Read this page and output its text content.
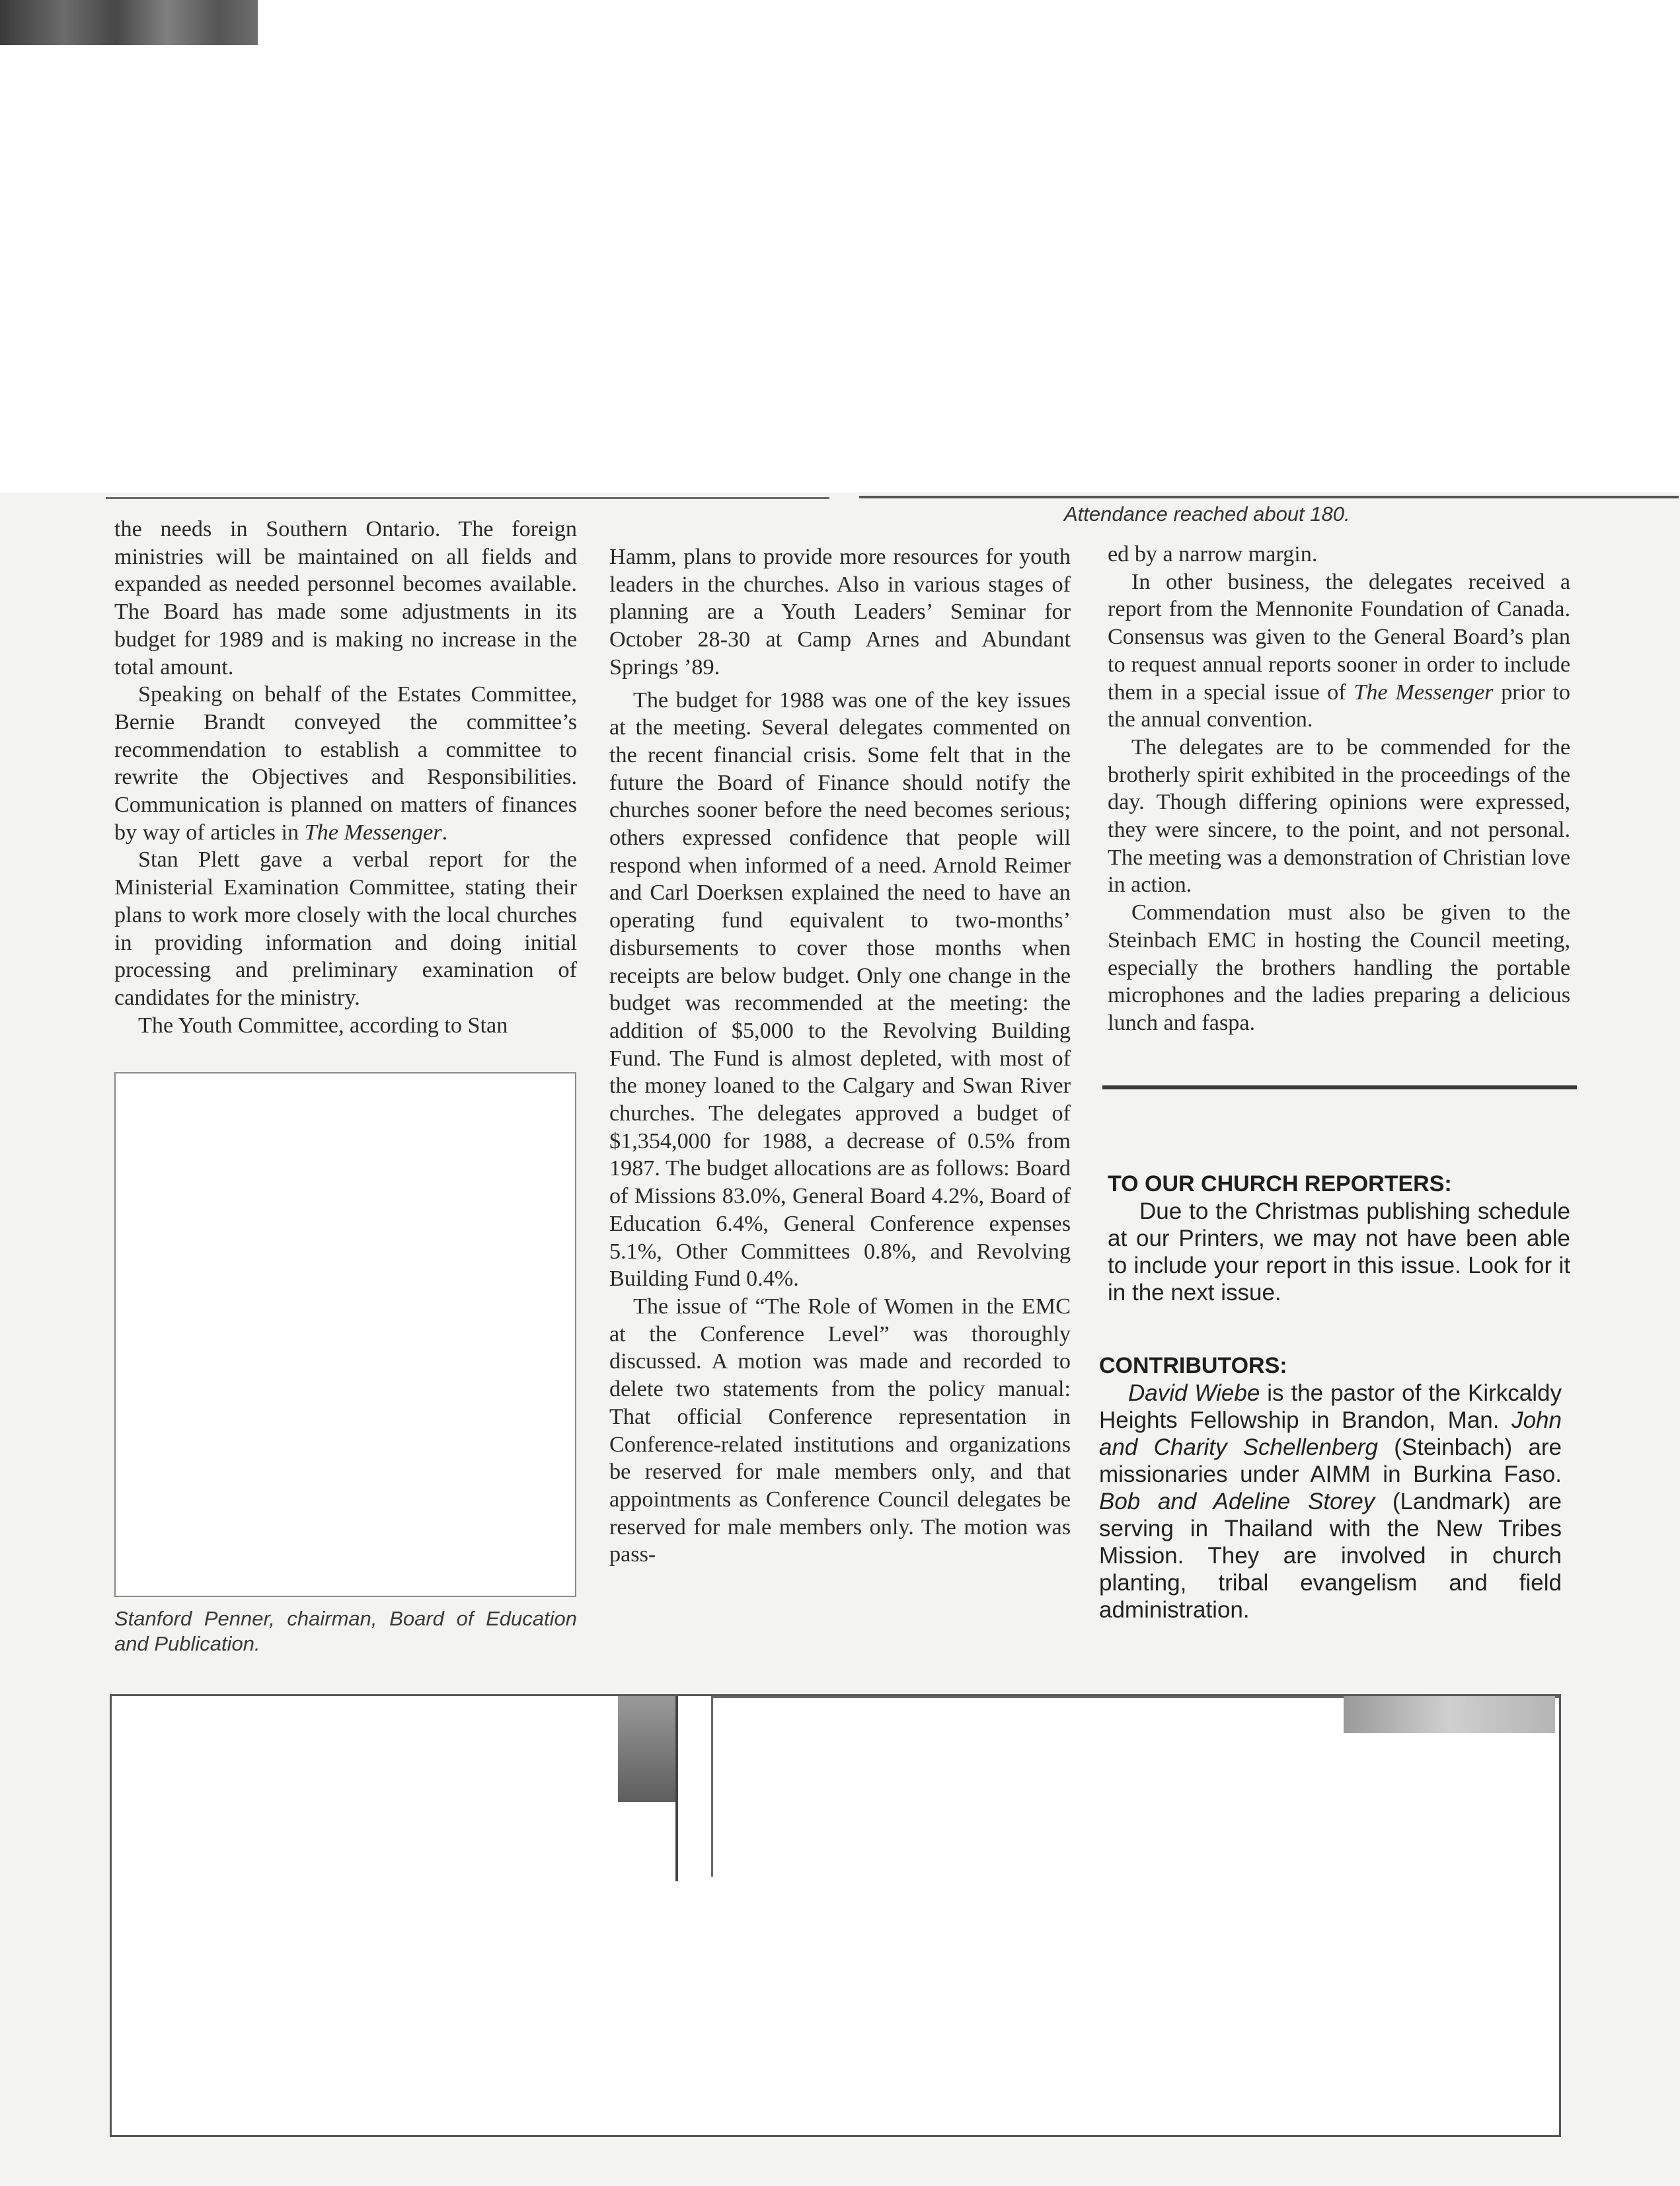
Attendance reached about 180.

the needs in Southern Ontario. The foreign ministries will be maintained on all fields and expanded as needed personnel becomes available. The Board has made some adjustments in its budget for 1989 and is making no increase in the total amount.

Speaking on behalf of the Estates Committee, Bernie Brandt conveyed the committee’s recommendation to establish a committee to rewrite the Objectives and Responsibilities. Communication is planned on matters of finances by way of articles in The Messenger.

Stan Plett gave a verbal report for the Ministerial Examination Committee, stating their plans to work more closely with the local churches in providing information and doing initial processing and preliminary examination of candidates for the ministry.

The Youth Committee, according to Stan

Stanford Penner, chairman, Board of Education and Publication.

Hamm, plans to provide more resources for youth leaders in the churches. Also in various stages of planning are a Youth Leaders’ Seminar for October 28-30 at Camp Arnes and Abundant Springs ’89.

The budget for 1988 was one of the key issues at the meeting. Several delegates commented on the recent financial crisis. Some felt that in the future the Board of Finance should notify the churches sooner before the need becomes serious; others expressed confidence that people will respond when informed of a need. Arnold Reimer and Carl Doerksen explained the need to have an operating fund equivalent to two-months’ disbursements to cover those months when receipts are below budget. Only one change in the budget was recommended at the meeting: the addition of $5,000 to the Revolving Building Fund. The Fund is almost depleted, with most of the money loaned to the Calgary and Swan River churches. The delegates approved a budget of $1,354,000 for 1988, a decrease of 0.5% from 1987. The budget allocations are as follows: Board of Missions 83.0%, General Board 4.2%, Board of Education 6.4%, General Conference expenses 5.1%, Other Committees 0.8%, and Revolving Building Fund 0.4%.

The issue of “The Role of Women in the EMC at the Conference Level” was thoroughly discussed. A motion was made and recorded to delete two statements from the policy manual: That official Conference representation in Conference-related institutions and organizations be reserved for male members only, and that appointments as Conference Council delegates be reserved for male members only. The motion was pass-

ed by a narrow margin.

In other business, the delegates received a report from the Mennonite Foundation of Canada. Consensus was given to the General Board’s plan to request annual reports sooner in order to include them in a special issue of The Messenger prior to the annual convention.

The delegates are to be commended for the brotherly spirit exhibited in the proceedings of the day. Though differing opinions were expressed, they were sincere, to the point, and not personal. The meeting was a demonstration of Christian love in action.

Commendation must also be given to the Steinbach EMC in hosting the Council meeting, especially the brothers handling the portable microphones and the ladies preparing a delicious lunch and faspa.

TO OUR CHURCH REPORTERS:
Due to the Christmas publishing schedule at our Printers, we may not have been able to include your report in this issue. Look for it in the next issue.
CONTRIBUTORS:
David Wiebe is the pastor of the Kirkcaldy Heights Fellowship in Brandon, Man. John and Charity Schellenberg (Steinbach) are missionaries under AIMM in Burkina Faso. Bob and Adeline Storey (Landmark) are serving in Thailand with the New Tribes Mission. They are involved in church planting, tribal evangelism and field administration.
